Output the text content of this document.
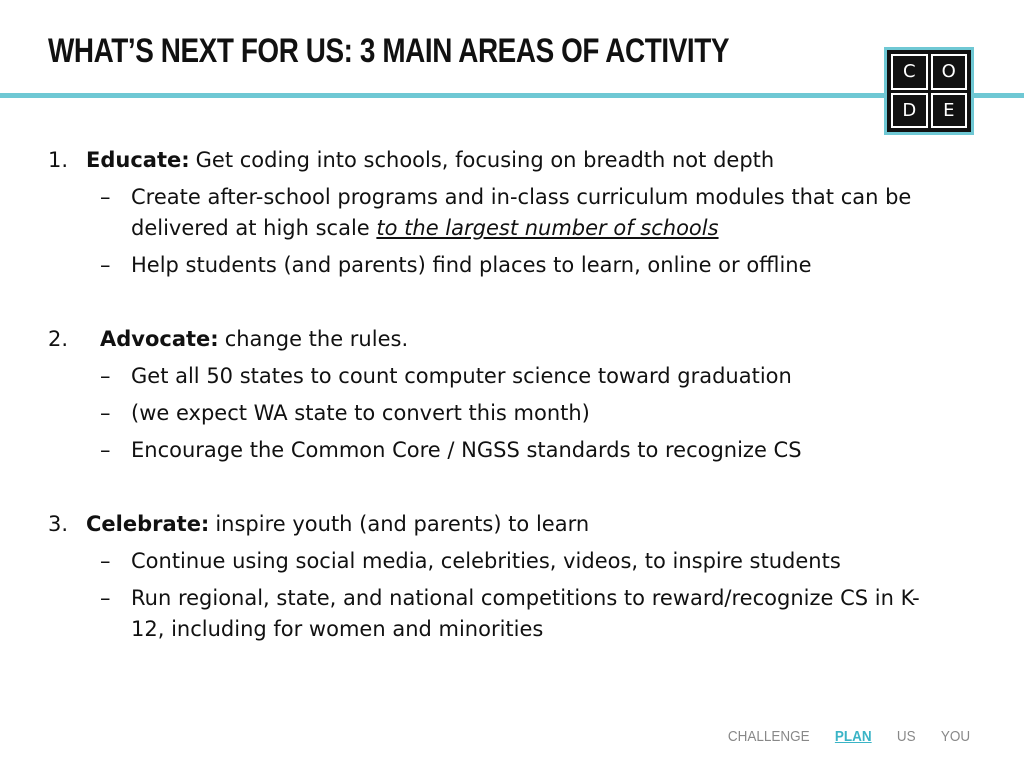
WHAT’S NEXT FOR US: 3 MAIN AREAS OF ACTIVITY
C	O
D	E
1. Educate: Get coding into schools, focusing on breadth not depth
– Create after-school programs and in-class curriculum modules that can be delivered at high scale to the largest number of schools
– Help students (and parents) find places to learn, online or offline
2.	Advocate: change the rules.
– Get all 50 states to count computer science toward graduation
– (we expect WA state to convert this month)
– Encourage the Common Core / NGSS standards to recognize CS
3. Celebrate: inspire youth (and parents) to learn
– Continue using social media, celebrities, videos, to inspire students
– Run regional, state, and national competitions to reward/recognize CS in K-12, including for women and minorities
CHALLENGE PLAN US YOU
